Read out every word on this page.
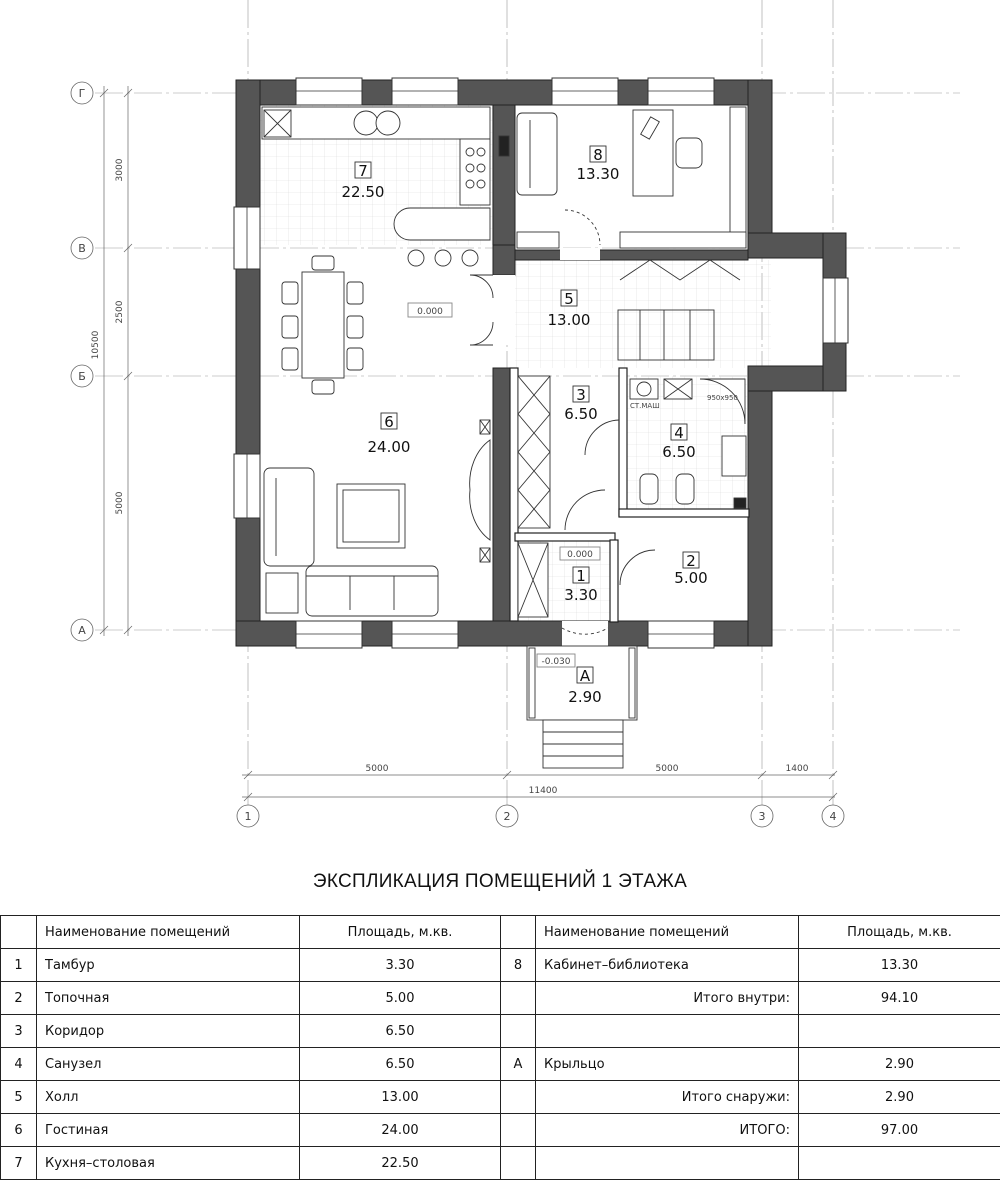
0.000
0.000
-0.030
СТ.МАШ
950x950
7
22.50
8
13.30
5
13.00
6
24.00
3
6.50
4
6.50
1
3.30
2
5.00
А
2.90
10500
3000
2500
5000
5000	5000	1400
11400
Г
В
Б
А
1	2	3	4
ЭКСПЛИКАЦИЯ ПОМЕЩЕНИЙ 1 ЭТАЖА
	Наименование помещений	Площадь, м.кв.		Наименование помещений	Площадь, м.кв.
1	Тамбур	3.30	8	Кабинет–библиотека	13.30
2	Топочная	5.00		Итого внутри:	94.10
3	Коридор	6.50			
4	Санузел	6.50	А	Крыльцо	2.90
5	Холл	13.00		Итого снаружи:	2.90
6	Гостиная	24.00		ИТОГО:	97.00
7	Кухня–столовая	22.50			
